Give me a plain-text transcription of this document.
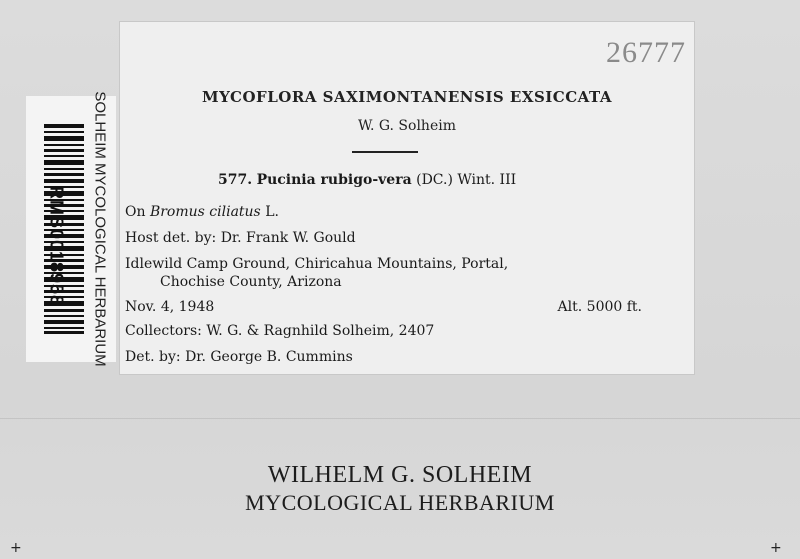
RMS0018958 SOLHEIM MYCOLOGICAL HERBARIUM
26777
MYCOFLORA SAXIMONTANENSIS EXSICCATA
W. G. Solheim
577. Pucinia rubigo-vera (DC.) Wint. III
On Bromus ciliatus L.
Host det. by: Dr. Frank W. Gould
Idlewild Camp Ground, Chiricahua Mountains, Portal,
Chochise County, Arizona
Nov. 4, 1948	Alt. 5000 ft.
Collectors: W. G. & Ragnhild Solheim, 2407
Det. by: Dr. George B. Cummins
WILHELM G. SOLHEIM
MYCOLOGICAL HERBARIUM
+	+
